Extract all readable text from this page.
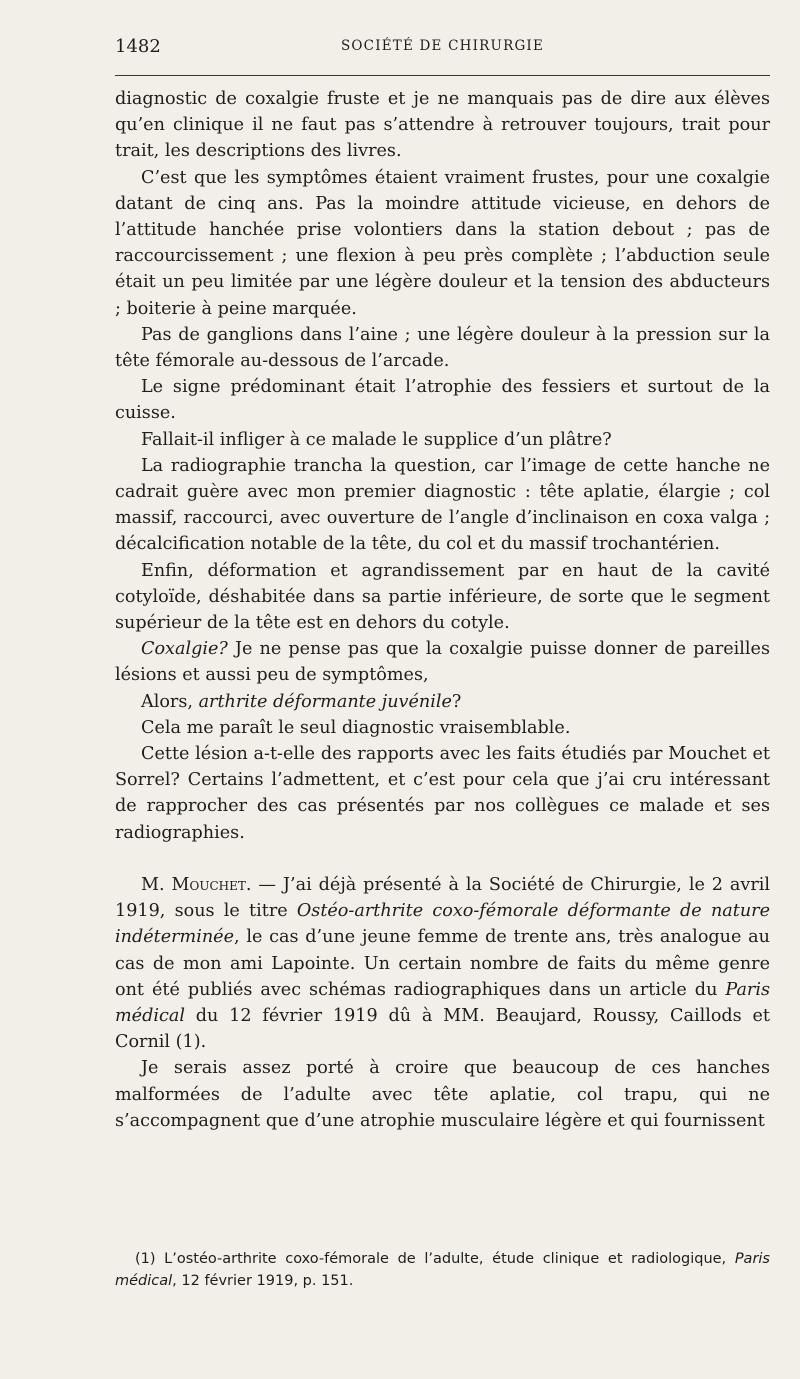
1482	SOCIÉTÉ DE CHIRURGIE

diagnostic de coxalgie fruste et je ne manquais pas de dire aux élèves qu’en clinique il ne faut pas s’attendre à retrouver toujours, trait pour trait, les descriptions des livres.

C’est que les symptômes étaient vraiment frustes, pour une coxalgie datant de cinq ans. Pas la moindre attitude vicieuse, en dehors de l’attitude hanchée prise volontiers dans la station debout ; pas de raccourcissement ; une flexion à peu près complète ; l’abduction seule était un peu limitée par une légère douleur et la tension des abducteurs ; boiterie à peine marquée.

Pas de ganglions dans l’aine ; une légère douleur à la pression sur la tête fémorale au-dessous de l’arcade.

Le signe prédominant était l’atrophie des fessiers et surtout de la cuisse.

Fallait-il infliger à ce malade le supplice d’un plâtre?

La radiographie trancha la question, car l’image de cette hanche ne cadrait guère avec mon premier diagnostic : tête aplatie, élargie ; col massif, raccourci, avec ouverture de l’angle d’inclinaison en coxa valga ; décalcification notable de la tête, du col et du massif trochantérien.

Enfin, déformation et agrandissement par en haut de la cavité cotyloïde, déshabitée dans sa partie inférieure, de sorte que le segment supérieur de la tête est en dehors du cotyle.

Coxalgie? Je ne pense pas que la coxalgie puisse donner de pareilles lésions et aussi peu de symptômes,

Alors, arthrite déformante juvénile?

Cela me paraît le seul diagnostic vraisemblable.

Cette lésion a-t-elle des rapports avec les faits étudiés par Mouchet et Sorrel? Certains l’admettent, et c’est pour cela que j’ai cru intéressant de rapprocher des cas présentés par nos collègues ce malade et ses radiographies.

M. Mouchet. — J’ai déjà présenté à la Société de Chirurgie, le 2 avril 1919, sous le titre Ostéo-arthrite coxo-fémorale déformante de nature indéterminée, le cas d’une jeune femme de trente ans, très analogue au cas de mon ami Lapointe. Un certain nombre de faits du même genre ont été publiés avec schémas radiographiques dans un article du Paris médical du 12 février 1919 dû à MM. Beaujard, Roussy, Caillods et Cornil (1).

Je serais assez porté à croire que beaucoup de ces hanches malformées de l’adulte avec tête aplatie, col trapu, qui ne s’accompagnent que d’une atrophie musculaire légère et qui fournissent

(1) L’ostéo-arthrite coxo-fémorale de l’adulte, étude clinique et radiologique, Paris médical, 12 février 1919, p. 151.
